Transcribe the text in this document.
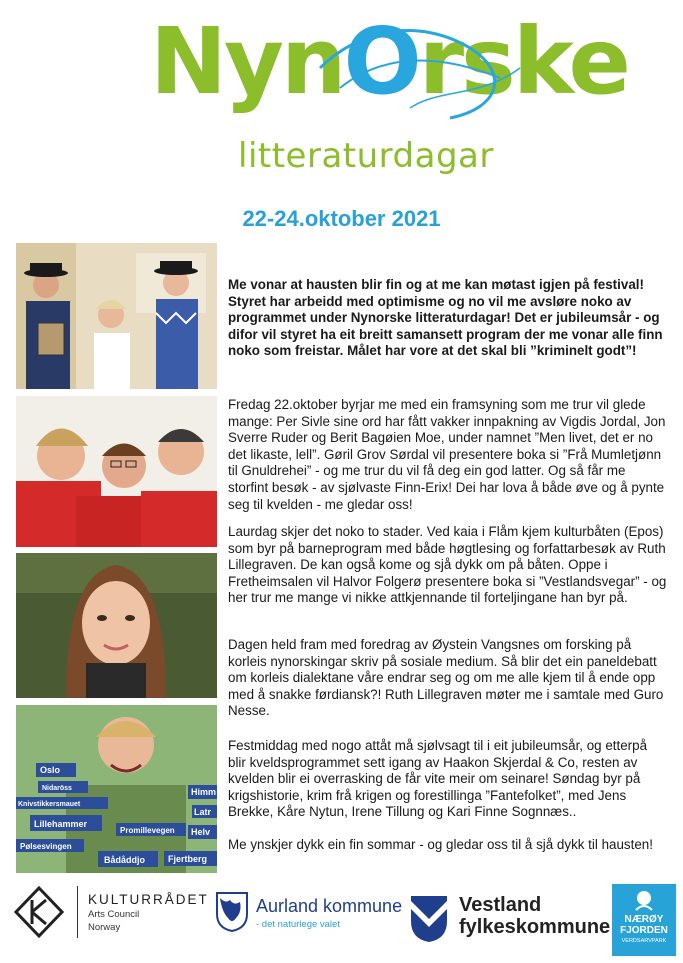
NynOrske
litteraturdagar
22-24.oktober 2021
Oslo
Nidaröss
Knivstikkersmauet
Lillehammer
Pølsesvingen
Bådåddjo
Promillevegen
Himm
Latr
Helv
Fjertberg

Me vonar at hausten blir fin og at me kan møtast igjen på festival! Styret har arbeidd med optimisme og no vil me avsløre noko av programmet under Nynorske litteraturdagar! Det er jubileumsår - og difor vil styret ha eit breitt samansett program der me vonar alle finn noko som freistar. Målet har vore at det skal bli ”kriminelt godt”!

Fredag 22.oktober byrjar me med ein framsyning som me trur vil glede mange: Per Sivle sine ord har fått vakker innpakning av Vigdis Jordal, Jon Sverre Ruder og Berit Bagøien Moe, under namnet ”Men livet, det er no det likaste, lell”. Gøril Grov Sørdal vil presentere boka si ”Frå Mumletjønn til Gnuldrehei” - og me trur du vil få deg ein god latter. Og så får me storfint besøk - av sjølvaste Finn-Erix! Dei har lova å både øve og å pynte seg til kvelden - me gledar oss!

Laurdag skjer det noko to stader. Ved kaia i Flåm kjem kulturbåten (Epos) som byr på barneprogram med både høgtlesing og forfattarbesøk av Ruth Lillegraven. De kan også kome og sjå dykk om på båten. Oppe i Fretheimsalen vil Halvor Folgerø presentere boka si ”Vestlandsvegar” - og her trur me mange vi nikke attkjennande til forteljingane han byr på.

Dagen held fram med foredrag av Øystein Vangsnes om forsking på korleis nynorskingar skriv på sosiale medium. Så blir det ein paneldebatt om korleis dialektane våre endrar seg og om me alle kjem til å ende opp med å snakke førdiansk?! Ruth Lillegraven møter me i samtale med Guro Nesse.

Festmiddag med nogo attåt må sjølvsagt til i eit jubileumsår, og etterpå blir kveldsprogrammet sett igang av Haakon Skjerdal & Co, resten av kvelden blir ei overrasking de får vite meir om seinare! Søndag byr på krigshistorie, krim frå krigen og forestillinga ”Fantefolket”, med Jens Brekke, Kåre Nytun, Irene Tillung og Kari Finne Sognnæs..

Me ynskjer dykk ein fin sommar - og gledar oss til å sjå dykk til hausten!

KULTURRÅDET
Arts Council
Norway
Aurland kommune
- det naturlege valet
Vestland
fylkeskommune	NÆRØY
FJORDEN
VERDSARVPARK
